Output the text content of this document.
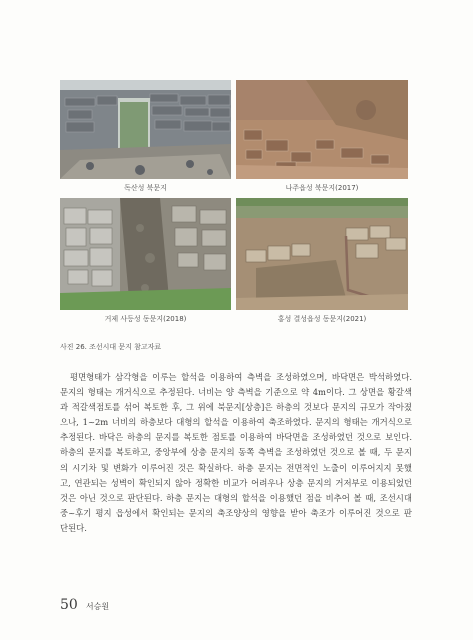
독산성 북문지	나주읍성 북문지(2017)
거제 사등성 동문지(2018)	홍성 결성읍성 동문지(2021)
사진 26. 조선시대 문지 참고자료
평면형태가 삼각형을 이루는 할석을 이용하여 측벽을 조성하였으며, 바닥면은 박석하였다.
문지의 형태는 개거식으로 추정된다. 너비는 양 측벽을 기준으로 약 4m이다. 그 상면을 황갈색
과 적갈색점토를 섞어 복토한 후, 그 위에 북문지[상층]은 하층의 것보다 문지의 규모가 작아졌
으나, 1~2m 너비의 하층보다 대형의 할석을 이용하여 축조하였다. 문지의 형태는 개거식으로
추정된다. 바닥은 하층의 문지를 복토한 점토를 이용하여 바닥면을 조성하였던 것으로 보인다.
하층의 문지를 복토하고, 중앙부에 상층 문지의 동쪽 측벽을 조성하였던 것으로 볼 때, 두 문지
의 시기차 및 변화가 이루어진 것은 확실하다. 하층 문지는 전면적인 노출이 이루어지지 못했
고, 연관되는 성벽이 확인되지 않아 정확한 비교가 어려우나 상층 문지의 거저부로 이용되었던
것은 아닌 것으로 판단된다. 하층 문지는 대형의 할석을 이용했던 점을 비추어 볼 때, 조선시대
중~후기 평지 읍성에서 확인되는 문지의 축조양상의 영향을 받아 축조가 이루어진 것으로 판
단된다.
50 서승원
